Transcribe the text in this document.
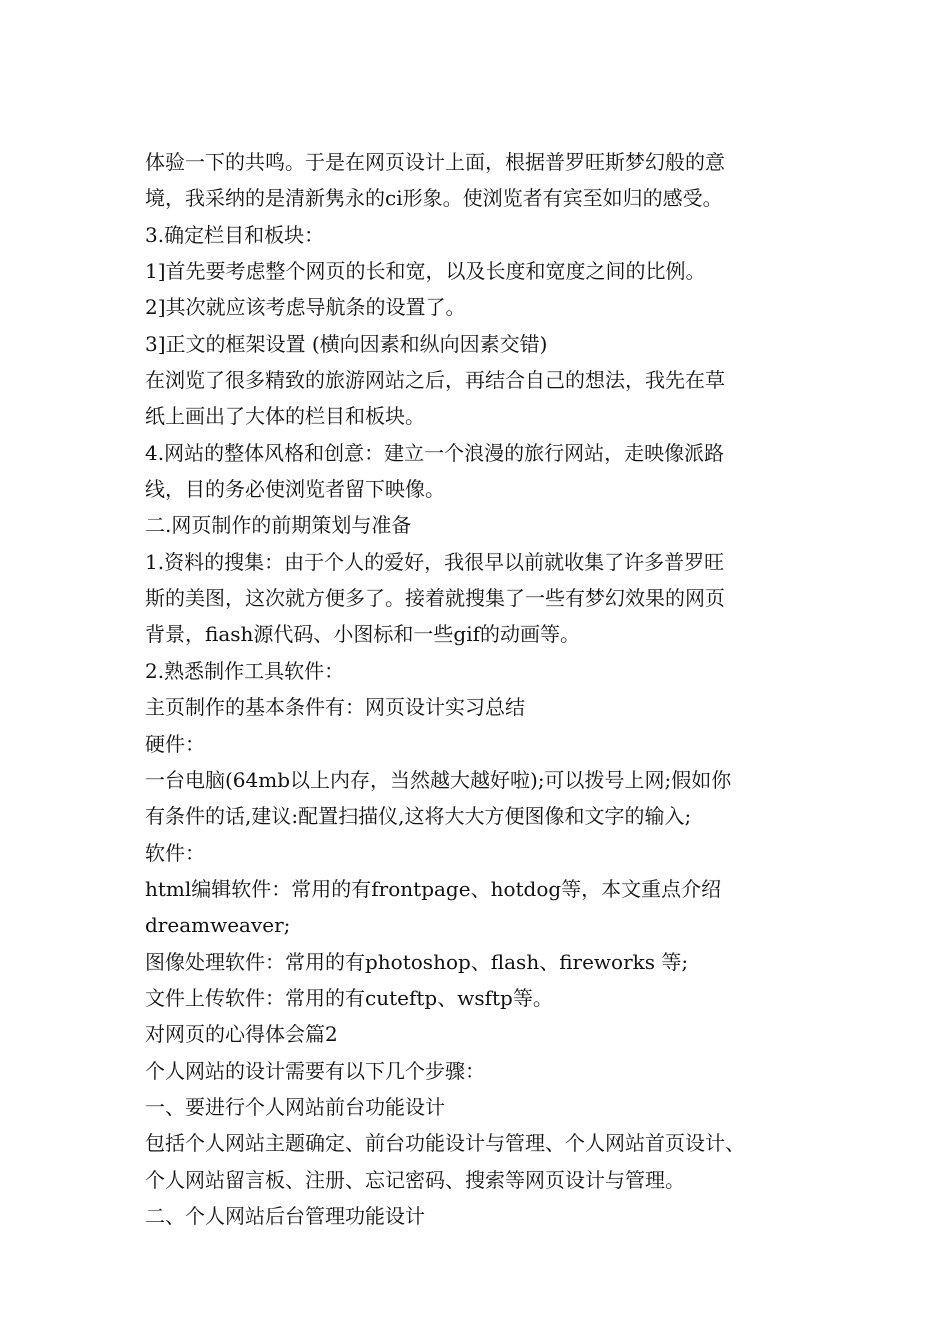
体验一下的共鸣。于是在网页设计上面，根据普罗旺斯梦幻般的意
境，我采纳的是清新隽永的ci形象。使浏览者有宾至如归的感受。
3.确定栏目和板块：
1]首先要考虑整个网页的长和宽，以及长度和宽度之间的比例。
2]其次就应该考虑导航条的设置了。
3]正文的框架设置 (横向因素和纵向因素交错)
在浏览了很多精致的旅游网站之后，再结合自己的想法，我先在草
纸上画出了大体的栏目和板块。
4.网站的整体风格和创意：建立一个浪漫的旅行网站，走映像派路
线，目的务必使浏览者留下映像。
二.网页制作的前期策划与准备
1.资料的搜集：由于个人的爱好，我很早以前就收集了许多普罗旺
斯的美图，这次就方便多了。接着就搜集了一些有梦幻效果的网页
背景，fiash源代码、小图标和一些gif的动画等。
2.熟悉制作工具软件：
主页制作的基本条件有：网页设计实习总结
硬件：
一台电脑(64mb以上内存，当然越大越好啦);可以拨号上网;假如你
有条件的话,建议:配置扫描仪,这将大大方便图像和文字的输入;
软件：
html编辑软件：常用的有frontpage、hotdog等，本文重点介绍
dreamweaver;
图像处理软件：常用的有photoshop、flash、fireworks 等;
文件上传软件：常用的有cuteftp、wsftp等。
对网页的心得体会篇2
个人网站的设计需要有以下几个步骤：
一、要进行个人网站前台功能设计
包括个人网站主题确定、前台功能设计与管理、个人网站首页设计、
个人网站留言板、注册、忘记密码、搜索等网页设计与管理。
二、个人网站后台管理功能设计
